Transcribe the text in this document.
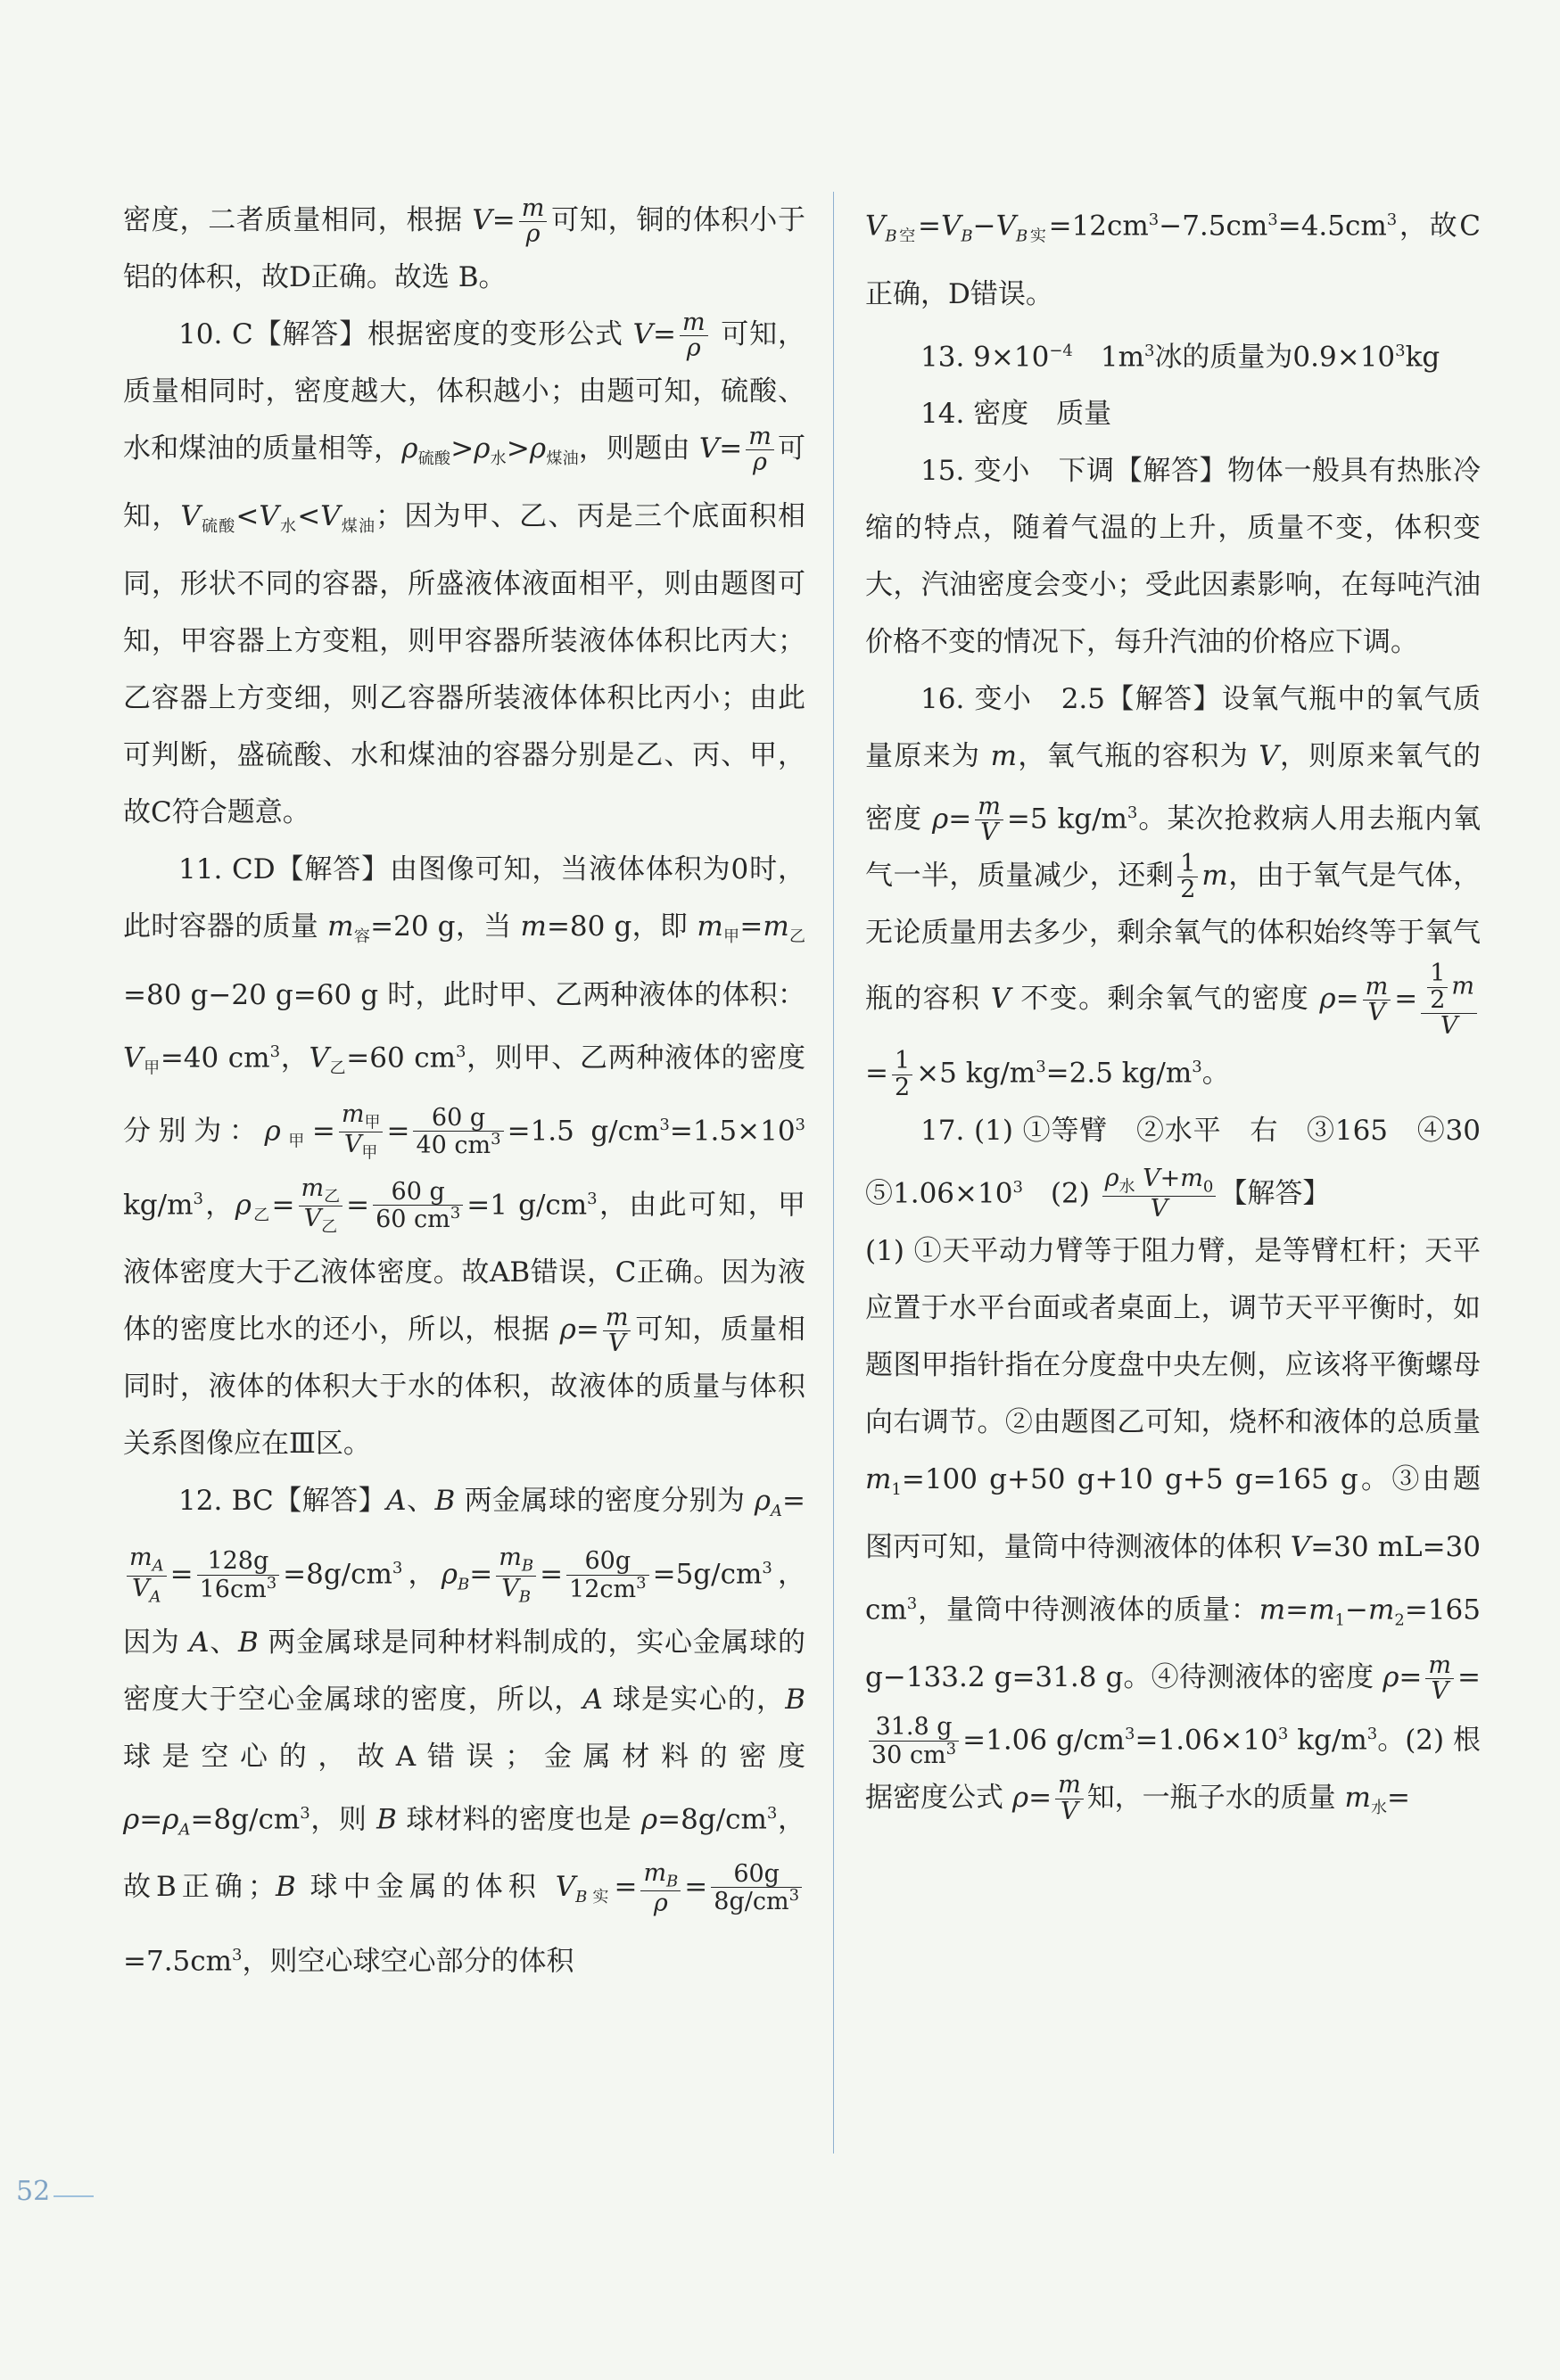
密度，二者质量相同，根据 $V= \frac{m}{\rho}$ 可知，铜的体积小于铝的体积，故D正确。故选 B。

10. C【解答】根据密度的变形公式 $V= \frac{m}{\rho}$ 可知，质量相同时，密度越大，体积越小；由题可知，硫酸、水和煤油的质量相等，$\rho_{硫酸}>\rho_水>\rho_{煤油}$，则题由 $V= \frac{m}{\rho}$ 可知，$V_{硫酸}<V_水<V_{煤油}$；因为甲、乙、丙是三个底面积相同，形状不同的容器，所盛液体液面相平，则由题图可知，甲容器上方变粗，则甲容器所装液体体积比丙大；乙容器上方变细，则乙容器所装液体体积比丙小；由此可判断，盛硫酸、水和煤油的容器分别是乙、丙、甲，故C符合题意。

11. CD【解答】由图像可知，当液体体积为0时，此时容器的质量 $m_容=20$ g，当 m=80 g，即 $m_甲=m_乙=80$ g−20 g=60 g 时，此时甲、乙两种液体的体积：$V_甲=40$ $cm^3$，$V_乙=60$ $cm^3$，则甲、乙两种液体的密度分别为：$\rho_甲= \frac{m_甲}{V_甲} = \frac{60 g}{40 cm^3} =1.5$ $g/cm^3=1.5\times 10^3$ $kg/m^3$，$\rho_乙= \frac{m_乙}{V_乙} = \frac{60 g}{60 cm^3} =1$ $g/cm^3$，由此可知，甲液体密度大于乙液体密度。故AB错误，C正确。因为液体的密度比水的还小，所以，根据 $\rho= \frac{m}{V}$ 可知，质量相同时，液体的体积大于水的体积，故液体的质量与体积关系图像应在Ⅲ区。

12. BC【解答】A、B 两金属球的密度分别为 $\rho_A=$
$\frac{m_A}{V_A} = \frac{128g}{16cm^3} =8g/cm^3$，$\rho_B= \frac{m_B}{V_B} = \frac{60g}{12cm^3} =5g/cm^3$，因为 A、B 两金属球是同种材料制成的，实心金属球的密度大于空心金属球的密度，所以，A 球是实心的，B 球是空心的，故A错误；金属材料的密度 $\rho=\rho_A=8g/cm^3$，则 B 球材料的密度也是 $\rho=8g/cm^3$，故B正确；B 球中金属的体积 $V_{B实}= \frac{m_B}{\rho} = \frac{60g}{8g/cm^3}$
$=7.5cm^3$，则空心球空心部分的体积

$V_{B空}=V_B-V_{B实}=12cm^3-7.5cm^3=4.5cm^3$，故C正确，D错误。

13. $9\times 10^{-4}$　$1m^3$冰的质量为$0.9\times 10^3kg$

14. 密度　质量

15. 变小　下调【解答】物体一般具有热胀冷缩的特点，随着气温的上升，质量不变，体积变大，汽油密度会变小；受此因素影响，在每吨汽油价格不变的情况下，每升汽油的价格应下调。

16. 变小　2.5【解答】设氧气瓶中的氧气质量原来为 m，氧气瓶的容积为 V，则原来氧气的密度 $\rho= \frac{m}{V} =5$ $kg/m^3$。某次抢救病人用去瓶内氧气一半，质量减少，还剩 $\frac{1}{2}$ m，由于氧气是气体，无论质量用去多少，剩余氧气的体积始终等于氧气瓶的容积 V 不变。剩余氧气的密度 $\rho= \frac{m}{V} = \frac{\frac{1}{2} m}{V}$
= $\frac{1}{2} \times 5$ $kg/m^3=2.5$ $kg/m^3$。

17. (1) ①等臂　②水平　右　③165　④30　$⑤1.06\times 10^3$　$(2) \frac{\rho_水 V+m_0}{V}$ 【解答】

(1) ①天平动力臂等于阻力臂，是等臂杠杆；天平应置于水平台面或者桌面上，调节天平平衡时，如题图甲指针指在分度盘中央左侧，应该将平衡螺母向右调节。②由题图乙可知，烧杯和液体的总质量 $m_1=100$ g+50 g+10 g+5 g=165 g。③由题图丙可知，量筒中待测液体的体积 V=30 mL=30 $cm^3$，量筒中待测液体的质量：$m=m_1-m_2=165$ g−133.2 g=31.8 g。④待测液体的密度 $\rho= \frac{m}{V}$ =
$\frac{31.8 g}{30 cm^3} =1.06$ $g/cm^3=1.06\times 10^3$ $kg/m^3$。(2) 根据密度公式 $\rho= \frac{m}{V}$ 知，一瓶子水的质量 $m_水=$

52
